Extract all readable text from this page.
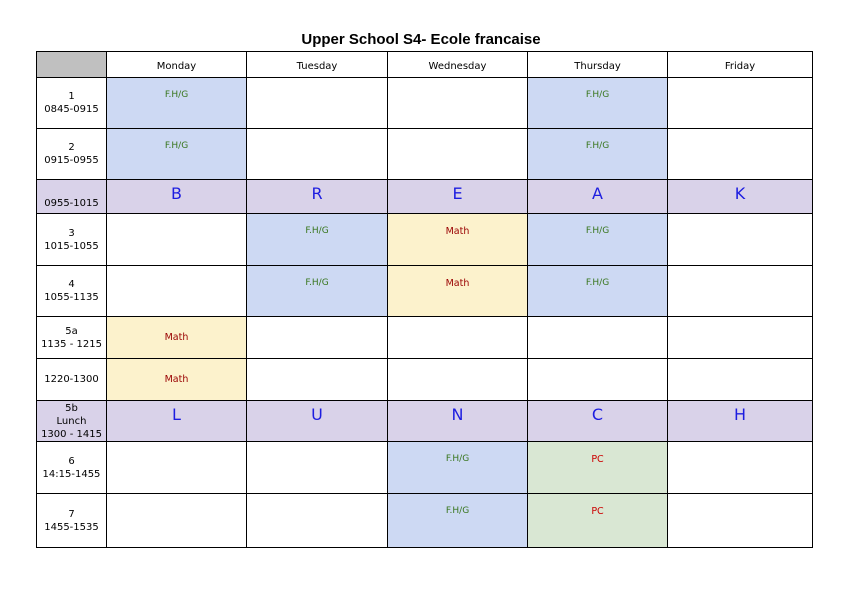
Upper School S4- Ecole francaise
	Monday	Tuesday	Wednesday	Thursday	Friday

1
0845-0915	F.H/G			F.H/G	

2
0915-0955	F.H/G			F.H/G	

0955-1015	B	R	E	A	K

3
1015-1055		F.H/G	Math	F.H/G	

4
1055-1135		F.H/G	Math	F.H/G	

5a
1135 - 1215	Math				

1220-1300	Math				

5b
Lunch
1300 - 1415	L	U	N	C	H

6
14:15-1455			F.H/G	PC	

7
1455-1535			F.H/G	PC	
